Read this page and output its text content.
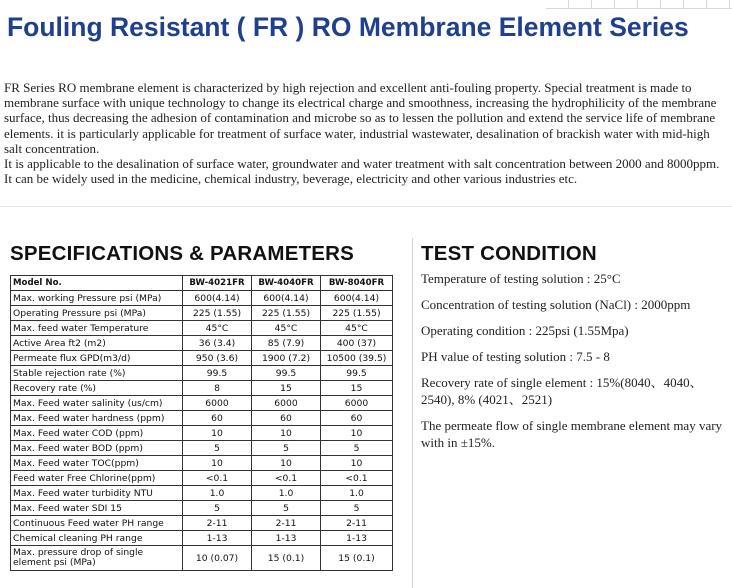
Fouling Resistant ( FR ) RO Membrane Element Series

FR Series RO membrane element is characterized by high rejection and excellent anti-fouling property. Special treatment is made to membrane surface with unique technology to change its electrical charge and smoothness, increasing the hydrophilicity of the membrane surface, thus decreasing the adhesion of contamination and microbe so as to lessen the pollution and extend the service life of membrane elements. it is particularly applicable for treatment of surface water, industrial wastewater, desalination of brackish water with mid-high salt concentration.

It is applicable to the desalination of surface water, groundwater and water treatment with salt concentration between 2000 and 8000ppm. It can be widely used in the medicine, chemical industry, beverage, electricity and other various industries etc.

SPECIFICATIONS & PARAMETERS	TEST CONDITION
Model No.	BW-4021FR	BW-4040FR	BW-8040FR
Max. working Pressure psi (MPa)	600(4.14)	600(4.14)	600(4.14)
Operating Pressure psi (MPa)	225 (1.55)	225 (1.55)	225 (1.55)
Max. feed water Temperature	45°C	45°C	45°C
Active Area ft2 (m2)	36 (3.4)	85 (7.9)	400 (37)
Permeate flux GPD(m3/d)	950 (3.6)	1900 (7.2)	10500 (39.5)
Stable rejection rate (%)	99.5	99.5	99.5
Recovery rate (%)	8	15	15
Max. Feed water salinity (us/cm)	6000	6000	6000
Max. Feed water hardness (ppm)	60	60	60
Max. Feed water COD (ppm)	10	10	10
Max. Feed water BOD (ppm)	5	5	5
Max. Feed water TOC(ppm)	10	10	10
Feed water Free Chlorine(ppm)	<0.1	<0.1	<0.1
Max. Feed water turbidity NTU	1.0	1.0	1.0
Max. Feed water SDI 15	5	5	5
Continuous Feed water PH range	2-11	2-11	2-11
Chemical cleaning PH range	1-13	1-13	1-13
Max. pressure drop of single element psi (MPa)	10 (0.07)	15 (0.1)	15 (0.1)

Temperature of testing solution : 25°C

Concentration of testing solution (NaCl) : 2000ppm

Operating condition : 225psi (1.55Mpa)

PH value of testing solution : 7.5 - 8

Recovery rate of single element : 15%(8040、4040、2540), 8% (4021、2521)

The permeate flow of single membrane element may vary with in ±15%.
